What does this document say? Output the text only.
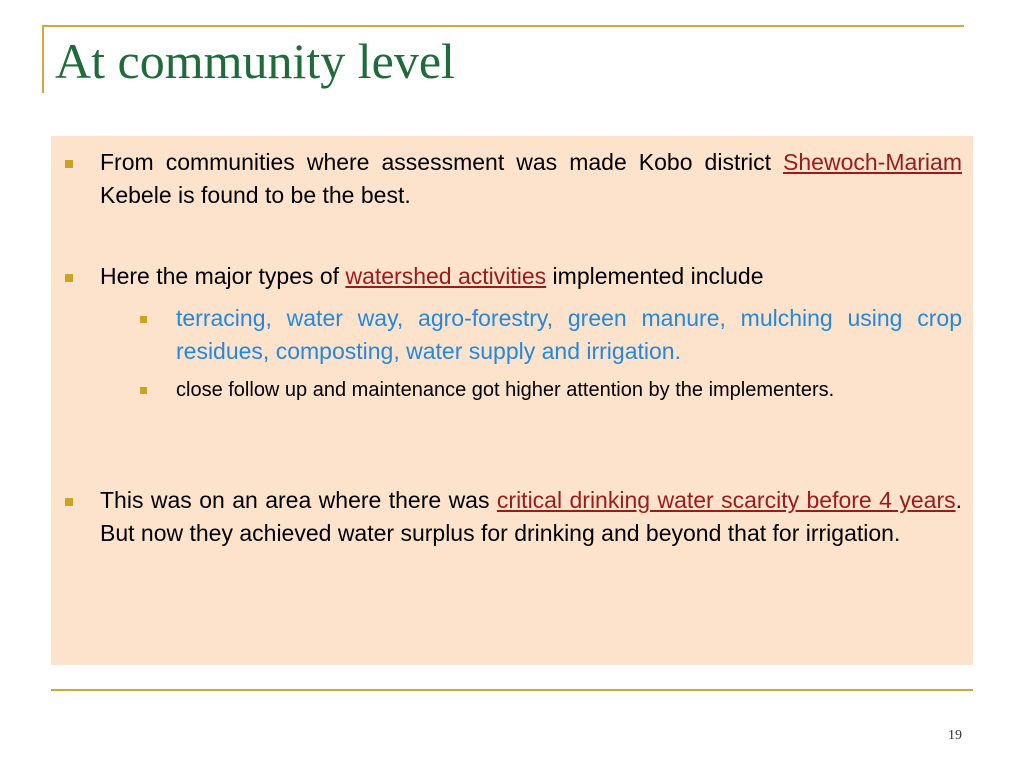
At community level
From communities where assessment was made Kobo district Shewoch-Mariam Kebele is found to be the best.
Here the major types of watershed activities implemented include
terracing, water way, agro-forestry, green manure, mulching using crop residues, composting, water supply and irrigation.
close follow up and maintenance got higher attention by the implementers.
This was on an area where there was critical drinking water scarcity before 4 years. But now they achieved water surplus for drinking and beyond that for irrigation.
19
